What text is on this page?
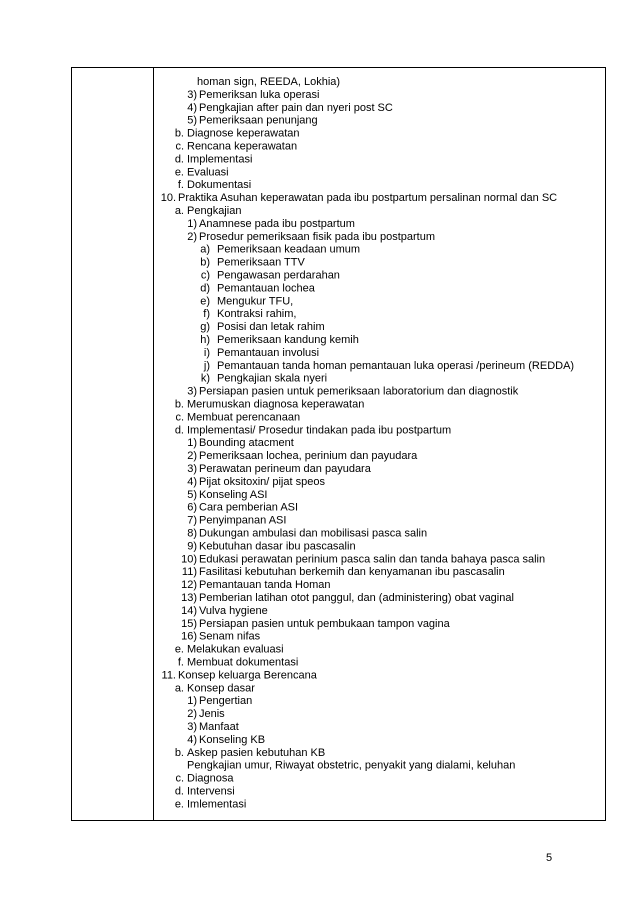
homan sign, REEDA, Lokhia)
3) Pemeriksan luka operasi
4) Pengkajian after pain dan nyeri post SC
5) Pemeriksaan penunjang
b. Diagnose keperawatan
c. Rencana keperawatan
d. Implementasi
e. Evaluasi
f. Dokumentasi
10. Praktika Asuhan keperawatan pada ibu postpartum persalinan normal dan SC
a. Pengkajian
1) Anamnese pada ibu postpartum
2) Prosedur pemeriksaan fisik pada ibu postpartum
a) Pemeriksaan keadaan umum
b) Pemeriksaan TTV
c) Pengawasan perdarahan
d) Pemantauan lochea
e) Mengukur TFU,
f) Kontraksi rahim,
g) Posisi dan letak rahim
h) Pemeriksaan kandung kemih
i) Pemantauan involusi
j) Pemantauan tanda homan pemantauan luka operasi /perineum (REDDA)
k) Pengkajian skala nyeri
3) Persiapan pasien untuk pemeriksaan laboratorium dan diagnostik
b. Merumuskan diagnosa keperawatan
c. Membuat perencanaan
d. Implementasi/ Prosedur tindakan pada ibu postpartum
1) Bounding atacment
2) Pemeriksaan lochea, perinium dan payudara
3) Perawatan perineum dan payudara
4) Pijat oksitoxin/ pijat speos
5) Konseling ASI
6) Cara pemberian ASI
7) Penyimpanan ASI
8) Dukungan ambulasi dan mobilisasi pasca salin
9) Kebutuhan dasar ibu pascasalin
10) Edukasi perawatan perinium pasca salin dan tanda bahaya pasca salin
11) Fasilitasi kebutuhan berkemih dan kenyamanan ibu pascasalin
12) Pemantauan tanda Homan
13) Pemberian latihan otot panggul, dan (administering) obat vaginal
14) Vulva hygiene
15) Persiapan pasien untuk pembukaan tampon vagina
16) Senam nifas
e. Melakukan evaluasi
f. Membuat dokumentasi
11. Konsep keluarga Berencana
a. Konsep dasar
1) Pengertian
2) Jenis
3) Manfaat
4) Konseling KB
b. Askep pasien kebutuhan KB
Pengkajian umur, Riwayat obstetric, penyakit yang dialami, keluhan
c. Diagnosa
d. Intervensi
e. Imlementasi
5
